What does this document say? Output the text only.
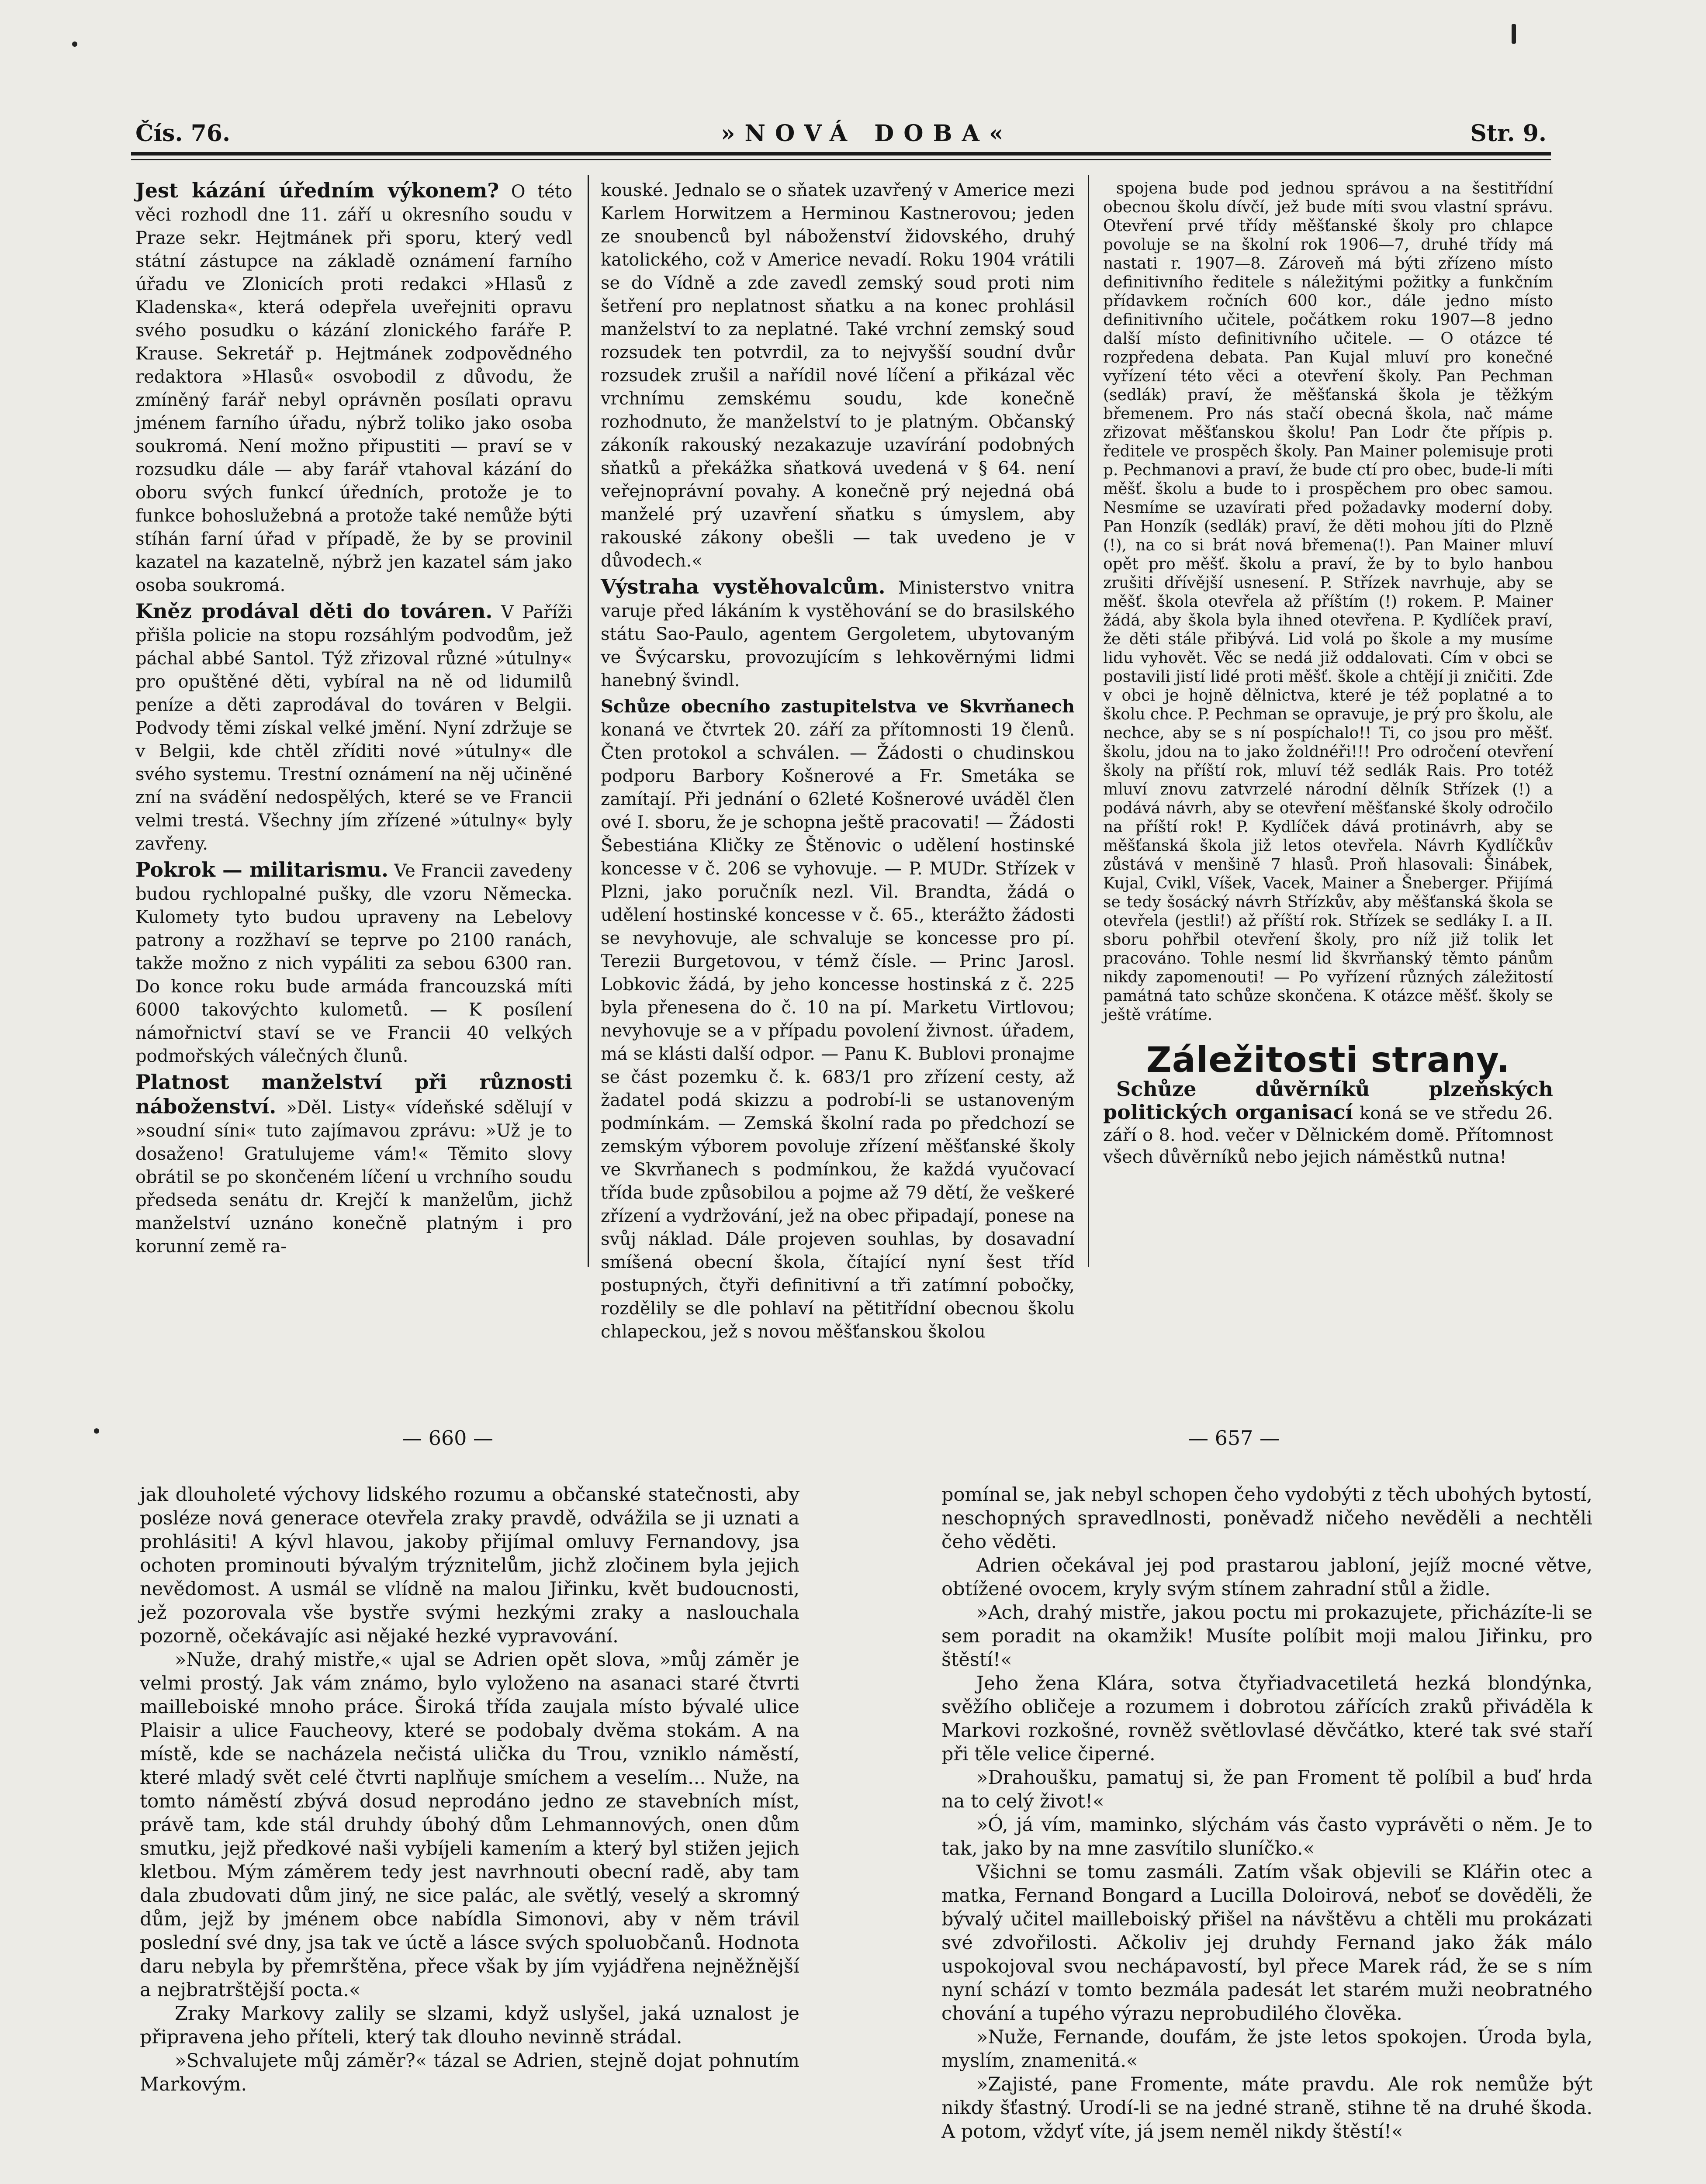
Čís. 76.	»NOVÁ DOBA«	Str. 9.

Jest kázání úředním výkonem? O této věci rozhodl dne 11. září u okresního soudu v Praze sekr. Hejtmánek při sporu, který vedl státní zástupce na základě oznámení farního úřadu ve Zlonicích proti redakci »Hlasů z Kladenska«, která odepřela uveřejniti opravu svého posudku o kázání zlonického faráře P. Krause. Sekretář p. Hejtmánek zodpovědného redaktora »Hlasů« osvobodil z důvodu, že zmíněný farář nebyl oprávněn posílati opravu jménem farního úřadu, nýbrž toliko jako osoba soukromá. Není možno připustiti — praví se v rozsudku dále — aby farář vtahoval kázání do oboru svých funkcí úředních, protože je to funkce bohoslužebná a protože také nemůže býti stíhán farní úřad v případě, že by se provinil kazatel na kazatelně, nýbrž jen kazatel sám jako osoba soukromá.

Kněz prodával děti do továren. V Paříži přišla policie na stopu rozsáhlým podvodům, jež páchal abbé Santol. Týž zřizoval různé »útulny« pro opuštěné děti, vybíral na ně od lidumilů peníze a děti zaprodával do továren v Belgii. Podvody těmi získal velké jmění. Nyní zdržuje se v Belgii, kde chtěl zříditi nové »útulny« dle svého systemu. Trestní oznámení na něj učiněné zní na svádění nedospělých, které se ve Francii velmi trestá. Všechny jím zřízené »útulny« byly zavřeny.

Pokrok — militarismu. Ve Francii zavedeny budou rychlopalné pušky, dle vzoru Německa. Kulomety tyto budou upraveny na Lebelovy patrony a rozžhaví se teprve po 2100 ranách, takže možno z nich vypáliti za sebou 6300 ran. Do konce roku bude armáda francouzská míti 6000 takovýchto kulometů. — K posílení námořnictví staví se ve Francii 40 velkých podmořských válečných člunů.

Platnost manželství při různosti náboženství. »Děl. Listy« vídeňské sdělují v »soudní síni« tuto zajímavou zprávu: »Už je to dosaženo! Gratulujeme vám!« Těmito slovy obrátil se po skončeném líčení u vrchního soudu předseda senátu dr. Krejčí k manželům, jichž manželství uznáno konečně platným i pro korunní země ra-

kouské. Jednalo se o sňatek uzavřený v Americe mezi Karlem Horwitzem a Herminou Kastnerovou; jeden ze snoubenců byl náboženství židovského, druhý katolického, což v Americe nevadí. Roku 1904 vrátili se do Vídně a zde zavedl zemský soud proti nim šetření pro neplatnost sňatku a na konec prohlásil manželství to za neplatné. Také vrchní zemský soud rozsudek ten potvrdil, za to nejvyšší soudní dvůr rozsudek zrušil a nařídil nové líčení a přikázal věc vrchnímu zemskému soudu, kde konečně rozhodnuto, že manželství to je platným. Občanský zákoník rakouský nezakazuje uzavírání podobných sňatků a překážka sňatková uvedená v § 64. není veřejnoprávní povahy. A konečně prý nejedná obá manželé prý uzavření sňatku s úmyslem, aby rakouské zákony obešli — tak uvedeno je v důvodech.«

Výstraha vystěhovalcům. Ministerstvo vnitra varuje před lákáním k vystěhování se do brasilského státu Sao-Paulo, agentem Gergoletem, ubytovaným ve Švýcarsku, provozujícím s lehkověrnými lidmi hanebný švindl.

Schůze obecního zastupitelstva ve Skvrňanech konaná ve čtvrtek 20. září za přítomnosti 19 členů. Čten protokol a schválen. — Žádosti o chudinskou podporu Barbory Košnerové a Fr. Smetáka se zamítají. Při jednání o 62leté Košnerové uváděl člen ové I. sboru, že je schopna ještě pracovati! — Žádosti Šebestiána Kličky ze Štěnovic o udělení hostinské koncesse v č. 206 se vyhovuje. — P. MUDr. Střízek v Plzni, jako poručník nezl. Vil. Brandta, žádá o udělení hostinské koncesse v č. 65., kterážto žádosti se nevyhovuje, ale schvaluje se koncesse pro pí. Terezii Burgetovou, v témž čísle. — Princ Jarosl. Lobkovic žádá, by jeho koncesse hostinská z č. 225 byla přenesena do č. 10 na pí. Marketu Virtlovou; nevyhovuje se a v případu povolení živnost. úřadem, má se klásti další odpor. — Panu K. Bublovi pronajme se část pozemku č. k. 683/1 pro zřízení cesty, až žadatel podá skizzu a podrobí-li se ustanoveným podmínkám. — Zemská školní rada po předchozí se zemským výborem povoluje zřízení měšťanské školy ve Skvrňanech s podmínkou, že každá vyučovací třída bude způsobilou a pojme až 79 dětí, že veškeré zřízení a vydržování, jež na obec připadají, ponese na svůj náklad. Dále projeven souhlas, by dosavadní smíšená obecní škola, čítající nyní šest tříd postupných, čtyři definitivní a tři zatímní pobočky, rozdělily se dle pohlaví na pětitřídní obecnou školu chlapeckou, jež s novou měšťanskou školou

spojena bude pod jednou správou a na šestitřídní obecnou školu dívčí, jež bude míti svou vlastní správu. Otevření prvé třídy měšťanské školy pro chlapce povoluje se na školní rok 1906—7, druhé třídy má nastati r. 1907—8. Zároveň má býti zřízeno místo definitivního ředitele s náležitými požitky a funkčním přídavkem ročních 600 kor., dále jedno místo definitivního učitele, počátkem roku 1907—8 jedno další místo definitivního učitele. — O otázce té rozpředena debata. Pan Kujal mluví pro konečné vyřízení této věci a otevření školy. Pan Pechman (sedlák) praví, že měšťanská škola je těžkým břemenem. Pro nás stačí obecná škola, nač máme zřizovat měšťanskou školu! Pan Lodr čte přípis p. ředitele ve prospěch školy. Pan Mainer polemisuje proti p. Pechmanovi a praví, že bude ctí pro obec, bude-li míti měšť. školu a bude to i prospěchem pro obec samou. Nesmíme se uzavírati před požadavky moderní doby. Pan Honzík (sedlák) praví, že děti mohou jíti do Plzně (!), na co si brát nová břemena(!). Pan Mainer mluví opět pro měšť. školu a praví, že by to bylo hanbou zrušiti dřívější usnesení. P. Střízek navrhuje, aby se měšť. škola otevřela až příštím (!) rokem. P. Mainer žádá, aby škola byla ihned otevřena. P. Kydlíček praví, že děti stále přibývá. Lid volá po škole a my musíme lidu vyhovět. Věc se nedá již oddalovati. Cím v obci se postavili jistí lidé proti měšť. škole a chtějí ji zničiti. Zde v obci je hojně dělnictva, které je též poplatné a to školu chce. P. Pechman se opravuje, je prý pro školu, ale nechce, aby se s ní pospíchalo!! Ti, co jsou pro měšť. školu, jdou na to jako žoldnéři!!! Pro odročení otevření školy na příští rok, mluví též sedlák Rais. Pro totéž mluví znovu zatvrzelé národní dělník Střízek (!) a podává návrh, aby se otevření měšťanské školy odročilo na příští rok! P. Kydlíček dává protinávrh, aby se měšťanská škola již letos otevřela. Návrh Kydlíčkův zůstává v menšině 7 hlasů. Proň hlasovali: Šinábek, Kujal, Cvikl, Víšek, Vacek, Mainer a Šneberger. Přijímá se tedy šosácký návrh Střízkův, aby měšťanská škola se otevřela (jestli!) až příští rok. Střízek se sedláky I. a II. sboru pohřbil otevření školy, pro níž již tolik let pracováno. Tohle nesmí lid škvrňanský těmto pánům nikdy zapomenouti! — Po vyřízení různých záležitostí památná tato schůze skončena. K otázce měšť. školy se ještě vrátíme.

Záležitosti strany.

Schůze důvěrníků plzeňských politických organisací koná se ve středu 26. září o 8. hod. večer v Dělnickém domě. Přítomnost všech důvěrníků nebo jejich náměstků nutna!

— 660 —	— 657 —

jak dlouholeté výchovy lidského rozumu a občanské statečnosti, aby posléze nová generace otevřela zraky pravdě, odvážila se ji uznati a prohlásiti! A kývl hlavou, jakoby přijímal omluvy Fernandovy, jsa ochoten prominouti bývalým trýznitelům, jichž zločinem byla jejich nevědomost. A usmál se vlídně na malou Jiřinku, květ budoucnosti, jež pozorovala vše bystře svými hezkými zraky a naslouchala pozorně, očekávajíc asi nějaké hezké vypravování.

»Nuže, drahý mistře,« ujal se Adrien opět slova, »můj záměr je velmi prostý. Jak vám známo, bylo vyloženo na asanaci staré čtvrti mailleboiské mnoho práce. Široká třída zaujala místo bývalé ulice Plaisir a ulice Faucheovy, které se podobaly dvěma stokám. A na místě, kde se nacházela nečistá ulička du Trou, vzniklo náměstí, které mladý svět celé čtvrti naplňuje smíchem a veselím... Nuže, na tomto náměstí zbývá dosud neprodáno jedno ze stavebních míst, právě tam, kde stál druhdy úbohý dům Lehmannových, onen dům smutku, jejž předkové naši vybíjeli kamením a který byl stižen jejich kletbou. Mým záměrem tedy jest navrhnouti obecní radě, aby tam dala zbudovati dům jiný, ne sice palác, ale světlý, veselý a skromný dům, jejž by jménem obce nabídla Simonovi, aby v něm trávil poslední své dny, jsa tak ve úctě a lásce svých spoluobčanů. Hodnota daru nebyla by přemrštěna, přece však by jím vyjádřena nejněžnější a nejbratrštější pocta.«

Zraky Markovy zalily se slzami, když uslyšel, jaká uznalost je připravena jeho příteli, který tak dlouho nevinně strádal.

»Schvalujete můj záměr?« tázal se Adrien, stejně dojat pohnutím Markovým.

pomínal se, jak nebyl schopen čeho vydobýti z těch ubohých bytostí, neschopných spravedlnosti, poněvadž ničeho nevěděli a nechtěli čeho věděti.

Adrien očekával jej pod prastarou jabloní, jejíž mocné větve, obtížené ovocem, kryly svým stínem zahradní stůl a židle.

»Ach, drahý mistře, jakou poctu mi prokazujete, přicházíte-li se sem poradit na okamžik! Musíte políbit moji malou Jiřinku, pro štěstí!«

Jeho žena Klára, sotva čtyřiadvacetiletá hezká blondýnka, svěžího obličeje a rozumem i dobrotou zářících zraků přiváděla k Markovi rozkošné, rovněž světlovlasé děvčátko, které tak své staří při těle velice čiperné.

»Drahoušku, pamatuj si, že pan Froment tě políbil a buď hrda na to celý život!«

»Ó, já vím, maminko, slýchám vás často vyprávěti o něm. Je to tak, jako by na mne zasvítilo sluníčko.«

Všichni se tomu zasmáli. Zatím však objevili se Klářin otec a matka, Fernand Bongard a Lucilla Doloirová, neboť se dověděli, že bývalý učitel mailleboiský přišel na návštěvu a chtěli mu prokázati své zdvořilosti. Ačkoliv jej druhdy Fernand jako žák málo uspokojoval svou nechápavostí, byl přece Marek rád, že se s ním nyní schází v tomto bezmála padesát let starém muži neobratného chování a tupého výrazu neprobudilého člověka.

»Nuže, Fernande, doufám, že jste letos spokojen. Úroda byla, myslím, znamenitá.«

»Zajisté, pane Fromente, máte pravdu. Ale rok nemůže být nikdy šťastný. Urodí-li se na jedné straně, stihne tě na druhé škoda. A potom, vždyť víte, já jsem neměl nikdy štěstí!«
